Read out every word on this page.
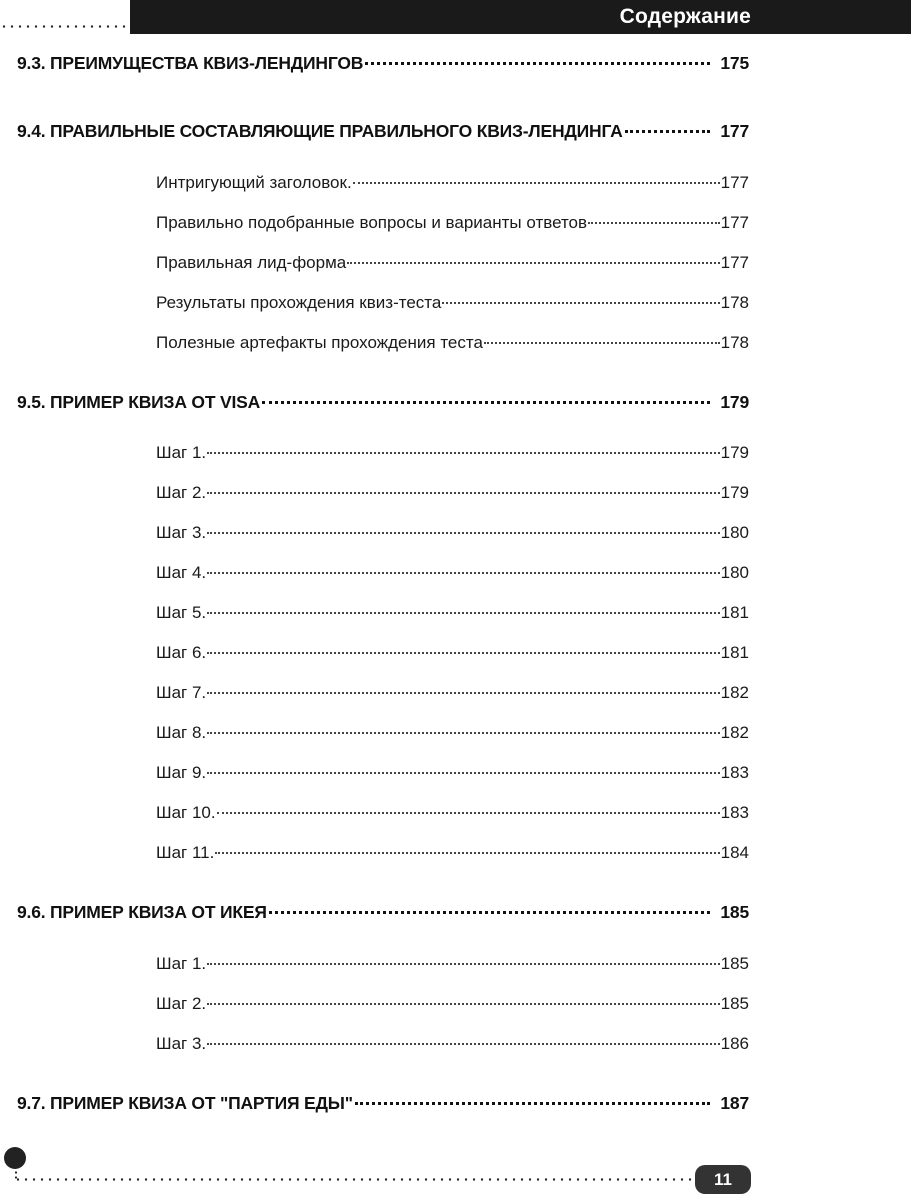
Содержание
9.3. ПРЕИМУЩЕСТВА КВИЗ-ЛЕНДИНГОВ	175
9.4. ПРАВИЛЬНЫЕ СОСТАВЛЯЮЩИЕ ПРАВИЛЬНОГО КВИЗ-ЛЕНДИНГА	177
Интригующий заголовок.	177
Правильно подобранные вопросы и варианты ответов	177
Правильная лид-форма	177
Результаты прохождения квиз-теста	178
Полезные артефакты прохождения теста	178
9.5. ПРИМЕР КВИЗА ОТ VISA	179
Шаг 1.	179
Шаг 2.	179
Шаг 3.	180
Шаг 4.	180
Шаг 5.	181
Шаг 6.	181
Шаг 7.	182
Шаг 8.	182
Шаг 9.	183
Шаг 10.	183
Шаг 11.	184
9.6. ПРИМЕР КВИЗА ОТ ИКЕЯ	185
Шаг 1.	185
Шаг 2.	185
Шаг 3.	186
9.7. ПРИМЕР КВИЗА ОТ "ПАРТИЯ ЕДЫ"	187
11
